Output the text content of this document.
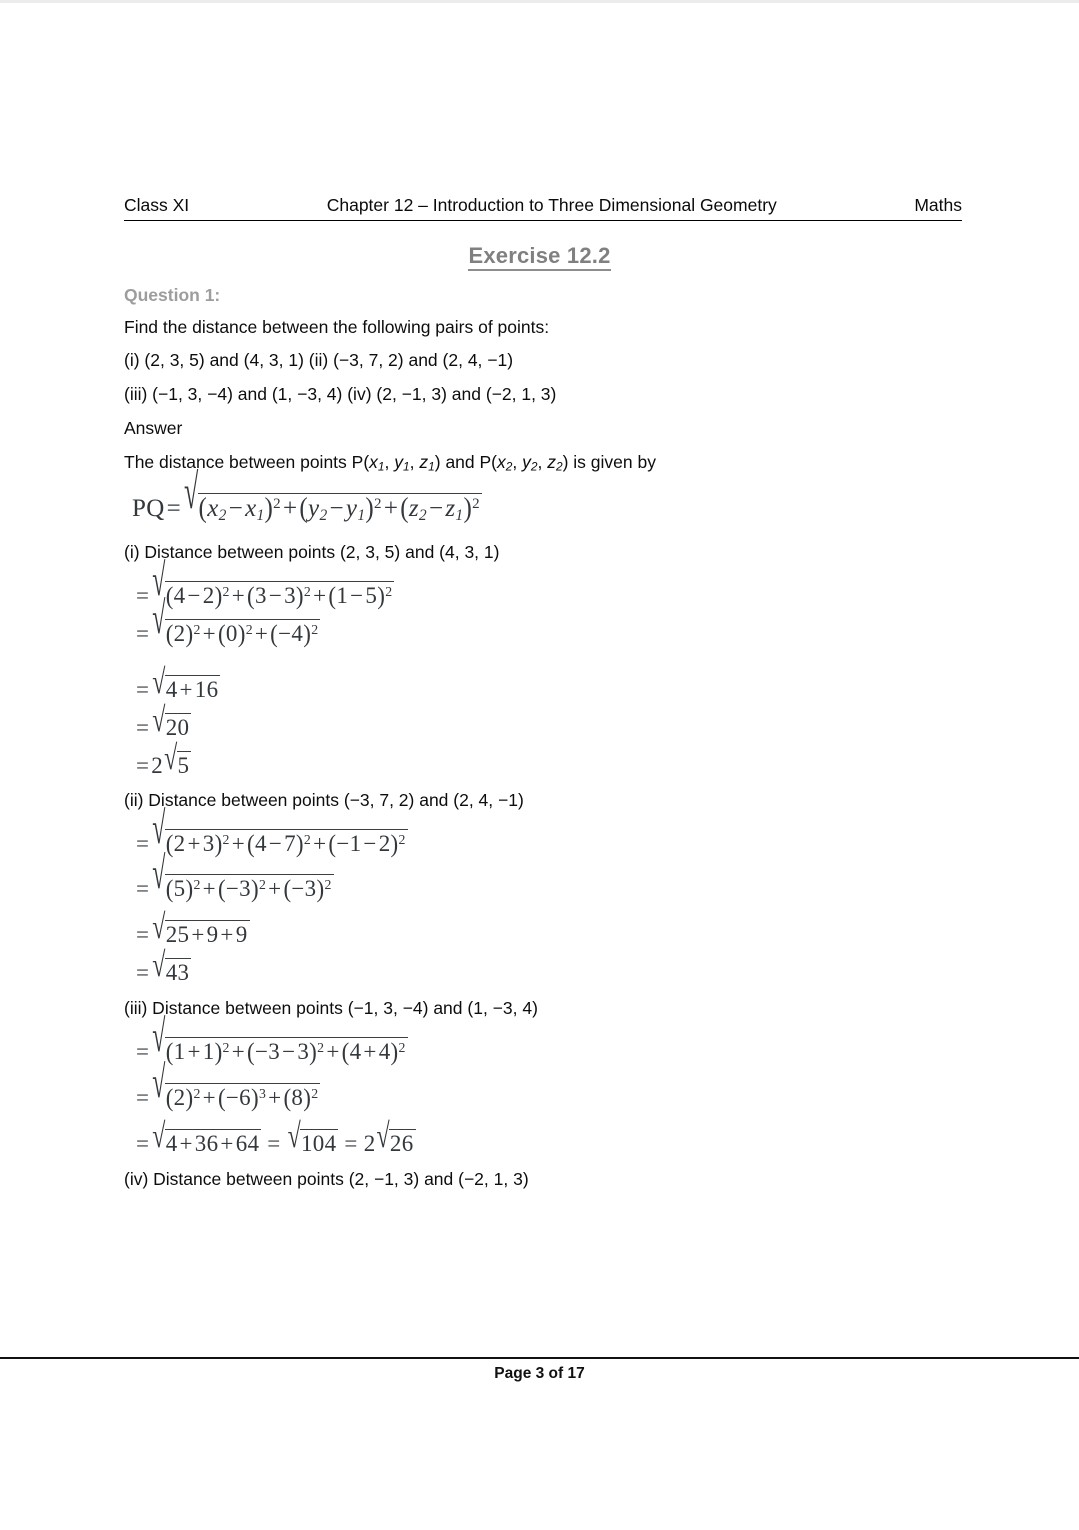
Class XI	Chapter 12 – Introduction to Three Dimensional Geometry	Maths
Exercise 12.2
Question 1:
Find the distance between the following pairs of points:
(i) (2, 3, 5) and (4, 3, 1) (ii) (−3, 7, 2) and (2, 4, −1)
(iii) (−1, 3, −4) and (1, −3, 4) (iv) (2, −1, 3) and (−2, 1, 3)
Answer
The distance between points $P(x_1$, $y_1$, $z_1$) and $P(x_2$, $y_2$, $z_2$) is given by
$PQ= √(x2-x1)^2+(y2-y1)^2+(z2-z1)^2$
(i) Distance between points (2, 3, 5) and (4, 3, 1)
= $√(4-2)^2+(3-3)^2+(1-5)^2$
= $√(2)^2+(0)^2+(-4)^2$
= √4+16
= √20
=2√5
(ii) Distance between points (−3, 7, 2) and (2, 4, −1)
= $√(2+3)^2+(4-7)^2+(-1-2)^2$
= $√(5)^2+(-3)^2+(-3)^2$
= √25+9+9
= √43
(iii) Distance between points (−1, 3, −4) and (1, −3, 4)
= $√(1+1)^2+(-3-3)^2+(4+4)^2$
= $√(2)^2+(-6)^3+(8)^2$
= √4+36+64 = √104 = 2√26
(iv) Distance between points (2, −1, 3) and (−2, 1, 3)
Page 3 of 17
